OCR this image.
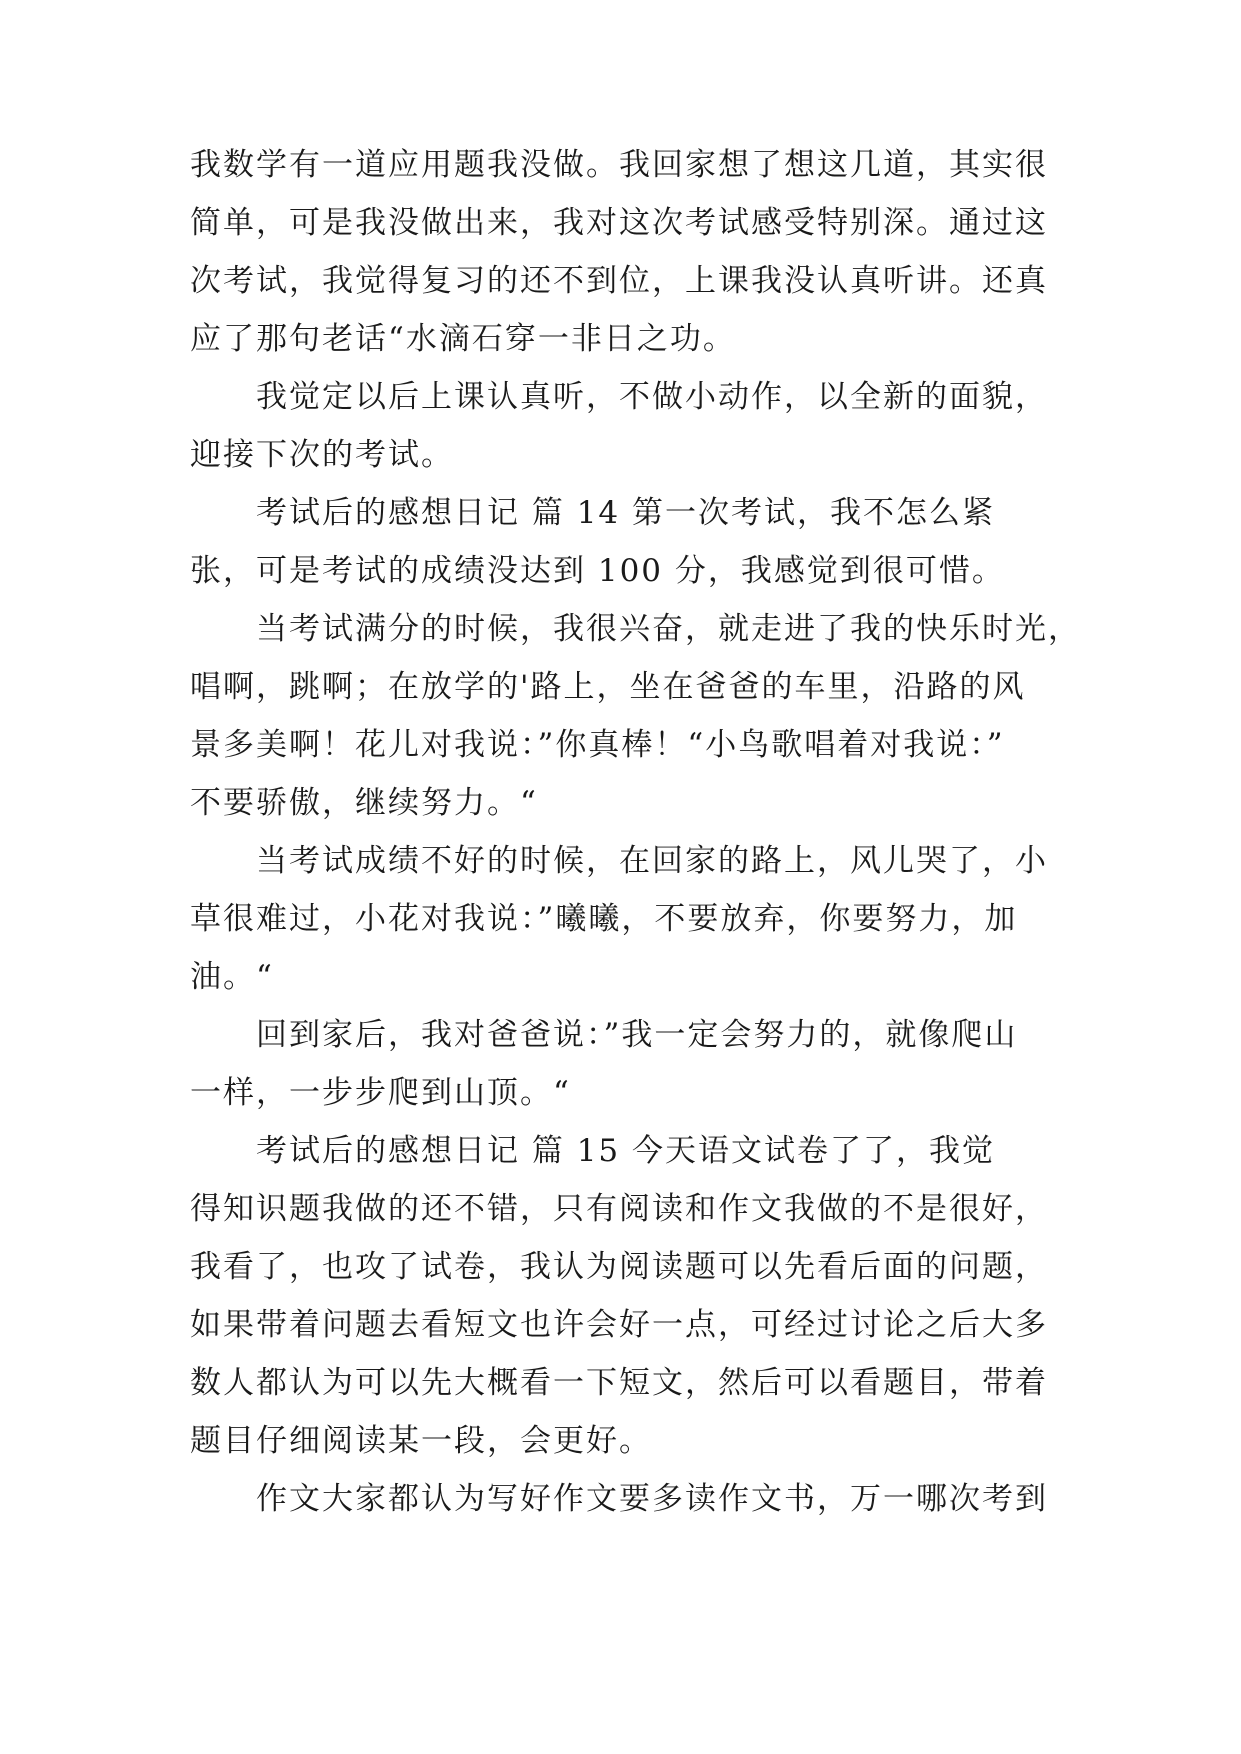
我数学有一道应用题我没做。我回家想了想这几道，其实很
简单，可是我没做出来，我对这次考试感受特别深。通过这
次考试，我觉得复习的还不到位，上课我没认真听讲。还真
应了那句老话“水滴石穿一非日之功。
我觉定以后上课认真听，不做小动作，以全新的面貌，
迎接下次的考试。
考试后的感想日记 篇 14 第一次考试，我不怎么紧
张，可是考试的成绩没达到 100 分，我感觉到很可惜。
当考试满分的时候，我很兴奋，就走进了我的快乐时光，
唱啊，跳啊；在放学的'路上，坐在爸爸的车里，沿路的风
景多美啊！花儿对我说：”你真棒！“小鸟歌唱着对我说：”
不要骄傲，继续努力。“
当考试成绩不好的时候，在回家的路上，风儿哭了，小
草很难过，小花对我说：”曦曦，不要放弃，你要努力，加
油。“
回到家后，我对爸爸说：”我一定会努力的，就像爬山
一样，一步步爬到山顶。“
考试后的感想日记 篇 15 今天语文试卷了了，我觉
得知识题我做的还不错，只有阅读和作文我做的不是很好，
我看了，也攻了试卷，我认为阅读题可以先看后面的问题，
如果带着问题去看短文也许会好一点，可经过讨论之后大多
数人都认为可以先大概看一下短文，然后可以看题目，带着
题目仔细阅读某一段，会更好。
作文大家都认为写好作文要多读作文书，万一哪次考到
